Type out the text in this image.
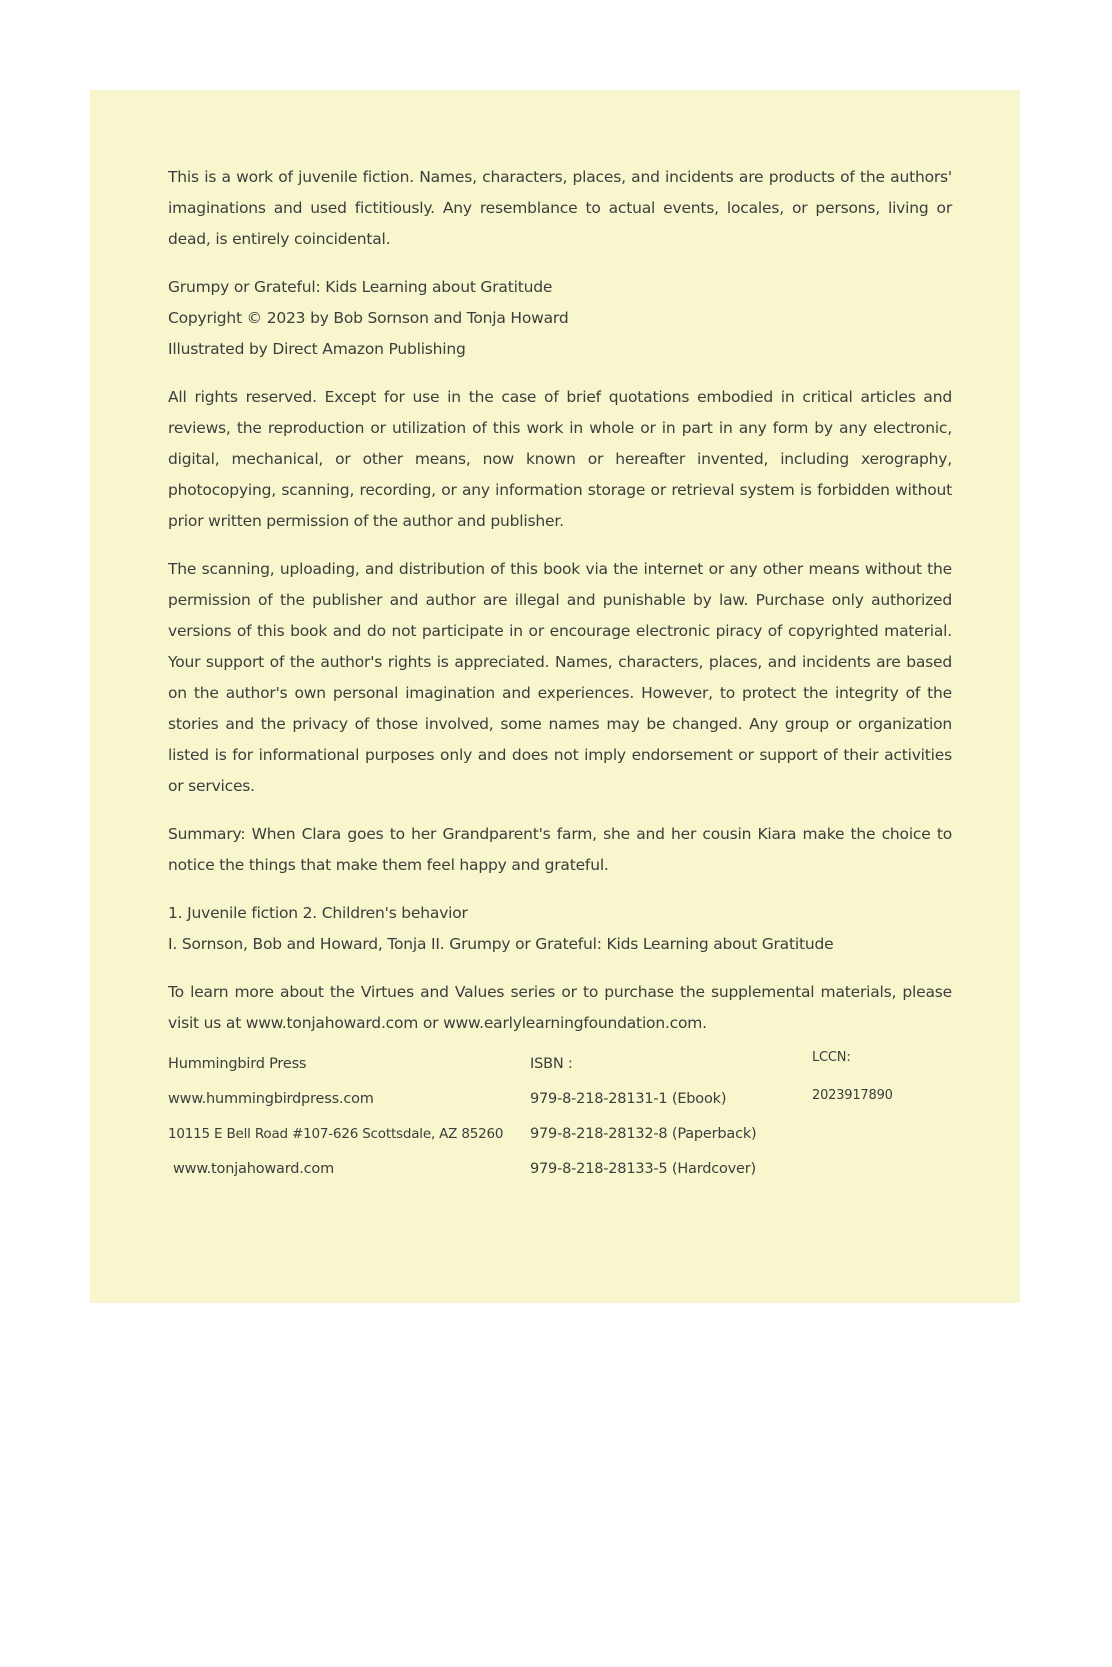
This is a work of juvenile fiction. Names, characters, places, and incidents are products of the authors' imaginations and used fictitiously. Any resemblance to actual events, locales, or persons, living or dead, is entirely coincidental.

Grumpy or Grateful: Kids Learning about Gratitude
Copyright © 2023 by Bob Sornson and Tonja Howard
Illustrated by Direct Amazon Publishing

All rights reserved. Except for use in the case of brief quotations embodied in critical articles and reviews, the reproduction or utilization of this work in whole or in part in any form by any electronic, digital, mechanical, or other means, now known or hereafter invented, including xerography, photocopying, scanning, recording, or any information storage or retrieval system is forbidden without prior written permission of the author and publisher.

The scanning, uploading, and distribution of this book via the internet or any other means without the permission of the publisher and author are illegal and punishable by law. Purchase only authorized versions of this book and do not participate in or encourage electronic piracy of copyrighted material. Your support of the author's rights is appreciated. Names, characters, places, and incidents are based on the author's own personal imagination and experiences. However, to protect the integrity of the stories and the privacy of those involved, some names may be changed. Any group or organization listed is for informational purposes only and does not imply endorsement or support of their activities or services.

Summary: When Clara goes to her Grandparent's farm, she and her cousin Kiara make the choice to notice the things that make them feel happy and grateful.

1. Juvenile fiction 2. Children's behavior
I. Sornson, Bob and Howard, Tonja II. Grumpy or Grateful: Kids Learning about Gratitude

To learn more about the Virtues and Values series or to purchase the supplemental materials, please visit us at www.tonjahoward.com or www.earlylearningfoundation.com.

Hummingbird Press
www.hummingbirdpress.com
10115 E Bell Road #107-626 Scottsdale, AZ 85260
www.tonjahoward.com
ISBN :
979-8-218-28131-1 (Ebook)
979-8-218-28132-8 (Paperback)
979-8-218-28133-5 (Hardcover)
LCCN:
2023917890
